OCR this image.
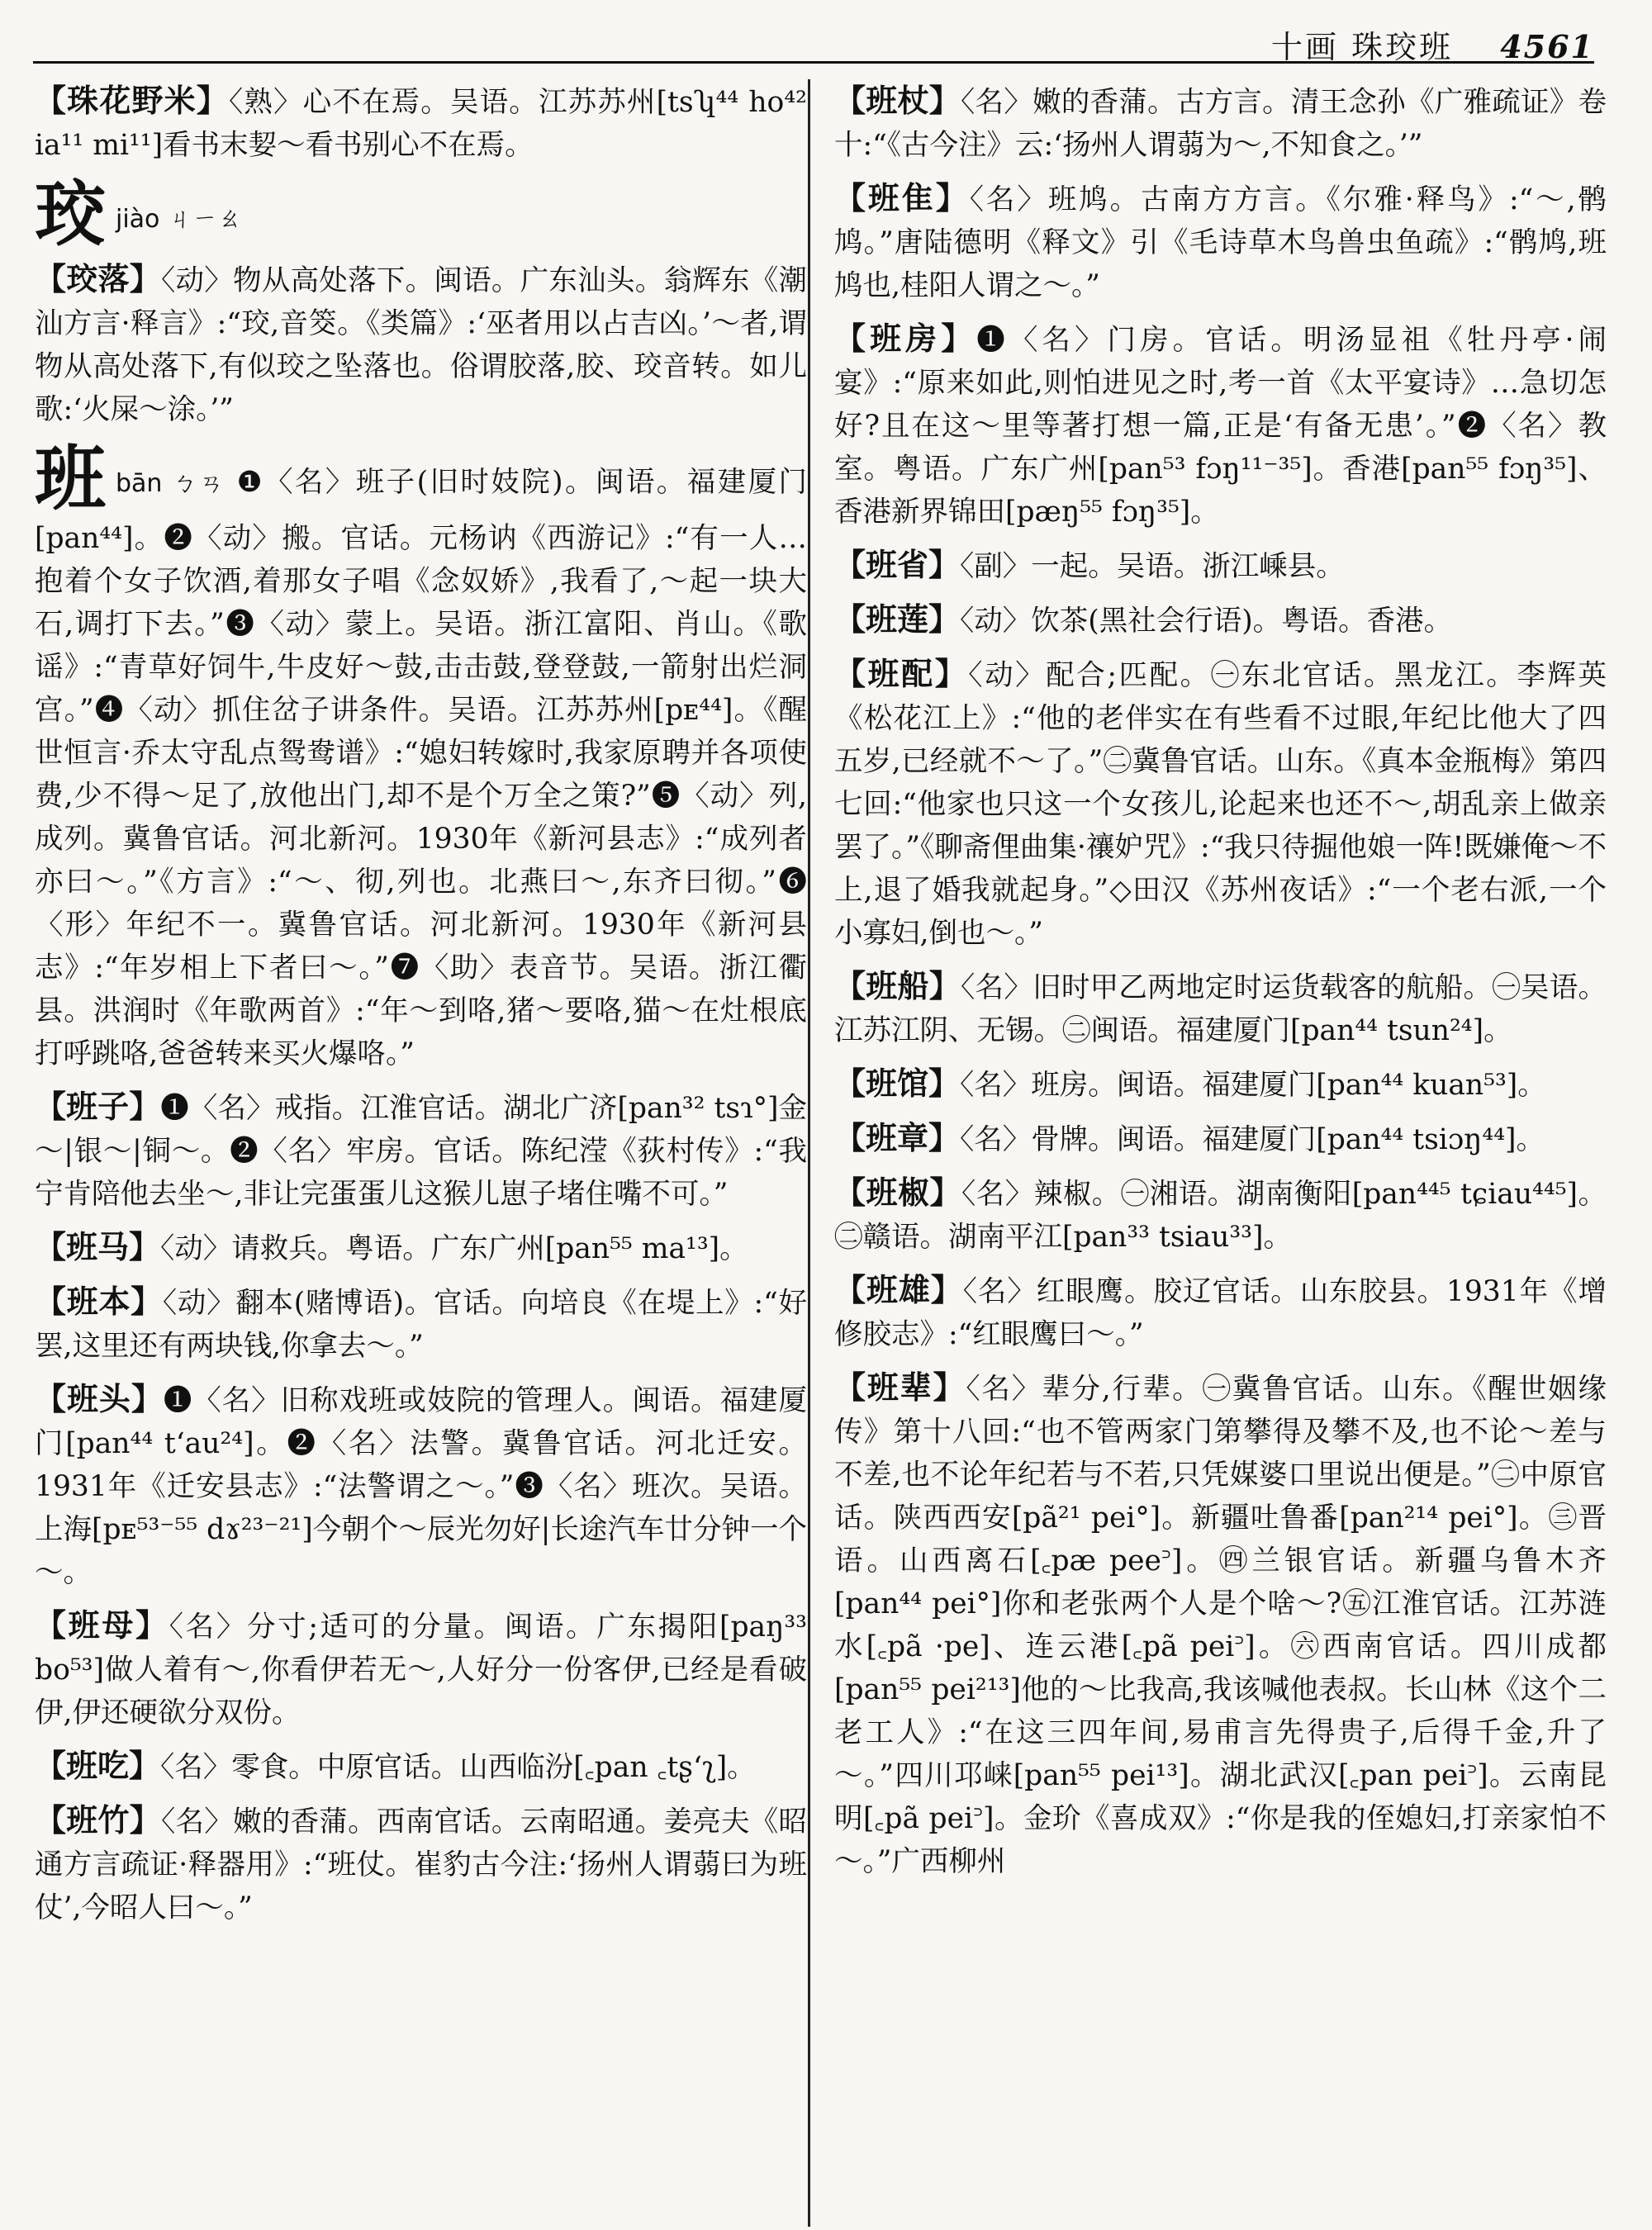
十画 珠珓班 4561

【珠花野米】〈熟〉心不在焉。吴语。江苏苏州[tsʮ⁴⁴ ho⁴² ia¹¹ mi¹¹]看书末㛃～看书别心不在焉。

珓jiào ㄐㄧㄠ

【珓落】〈动〉物从高处落下。闽语。广东汕头。翁辉东《潮汕方言·释言》:“珓,音筊。《类篇》:‘巫者用以占吉凶。’～者,谓物从高处落下,有似珓之坠落也。俗谓胶落,胶、珓音转。如儿歌:‘火屎～涂。’”

班bān ㄅㄢ ❶〈名〉班子(旧时妓院)。闽语。福建厦门[pan⁴⁴]。❷〈动〉搬。官话。元杨讷《西游记》:“有一人…抱着个女子饮酒,着那女子唱《念奴娇》,我看了,～起一块大石,调打下去。”❸〈动〉蒙上。吴语。浙江富阳、肖山。《歌谣》:“青草好饲牛,牛皮好～鼓,击击鼓,登登鼓,一箭射出烂洞宫。”❹〈动〉抓住岔子讲条件。吴语。江苏苏州[pᴇ⁴⁴]。《醒世恒言·乔太守乱点鸳鸯谱》:“媳妇转嫁时,我家原聘并各项使费,少不得～足了,放他出门,却不是个万全之策?”❺〈动〉列,成列。冀鲁官话。河北新河。1930年《新河县志》:“成列者亦曰～。”《方言》:“～、彻,列也。北燕曰～,东齐曰彻。”❻〈形〉年纪不一。冀鲁官话。河北新河。1930年《新河县志》:“年岁相上下者曰～。”❼〈助〉表音节。吴语。浙江衢县。洪润时《年歌两首》:“年～到咯,猪～要咯,猫～在灶根底打呼跳咯,爸爸转来买火爆咯。”

【班子】❶〈名〉戒指。江淮官话。湖北广济[pan³² tsɿ°]金～|银～|铜～。❷〈名〉牢房。官话。陈纪滢《荻村传》:“我宁肯陪他去坐～,非让完蛋蛋儿这猴儿崽子堵住嘴不可。”

【班马】〈动〉请救兵。粤语。广东广州[pan⁵⁵ ma¹³]。

【班本】〈动〉翻本(赌博语)。官话。向培良《在堤上》:“好罢,这里还有两块钱,你拿去～。”

【班头】❶〈名〉旧称戏班或妓院的管理人。闽语。福建厦门[pan⁴⁴ t‘au²⁴]。❷〈名〉法警。冀鲁官话。河北迁安。1931年《迁安县志》:“法警谓之～。”❸〈名〉班次。吴语。上海[pᴇ⁵³⁻⁵⁵ dɤ²³⁻²¹]今朝个～辰光勿好|长途汽车廿分钟一个～。

【班母】〈名〉分寸;适可的分量。闽语。广东揭阳[paŋ³³ bo⁵³]做人着有～,你看伊若无～,人好分一份客伊,已经是看破伊,伊还硬欲分双份。

【班吃】〈名〉零食。中原官话。山西临汾[꜀pan ꜀tʂ‘ʅ]。

【班竹】〈名〉嫩的香蒲。西南官话。云南昭通。姜亮夫《昭通方言疏证·释器用》:“班仗。崔豹古今注:‘扬州人谓蒻曰为班仗’,今昭人曰～。”

【班杖】〈名〉嫩的香蒲。古方言。清王念孙《广雅疏证》卷十:“《古今注》云:‘扬州人谓蒻为～,不知食之。’”

【班隹】〈名〉班鸠。古南方方言。《尔雅·释鸟》:“～,鹘鸠。”唐陆德明《释文》引《毛诗草木鸟兽虫鱼疏》:“鹘鸠,班鸠也,桂阳人谓之～。”

【班房】❶〈名〉门房。官话。明汤显祖《牡丹亭·闹宴》:“原来如此,则怕进见之时,考一首《太平宴诗》…急切怎好?且在这～里等著打想一篇,正是‘有备无患’。”❷〈名〉教室。粤语。广东广州[pan⁵³ fɔŋ¹¹⁻³⁵]。香港[pan⁵⁵ fɔŋ³⁵]、香港新界锦田[pæŋ⁵⁵ fɔŋ³⁵]。

【班省】〈副〉一起。吴语。浙江嵊县。

【班莲】〈动〉饮茶(黑社会行语)。粤语。香港。

【班配】〈动〉配合;匹配。㊀东北官话。黑龙江。李辉英《松花江上》:“他的老伴实在有些看不过眼,年纪比他大了四五岁,已经就不～了。”㊁冀鲁官话。山东。《真本金瓶梅》第四七回:“他家也只这一个女孩儿,论起来也还不～,胡乱亲上做亲罢了。”《聊斋俚曲集·禳妒咒》:“我只待掘他娘一阵!既嫌俺～不上,退了婚我就起身。”◇田汉《苏州夜话》:“一个老右派,一个小寡妇,倒也～。”

【班船】〈名〉旧时甲乙两地定时运货载客的航船。㊀吴语。江苏江阴、无锡。㊁闽语。福建厦门[pan⁴⁴ tsun²⁴]。

【班馆】〈名〉班房。闽语。福建厦门[pan⁴⁴ kuan⁵³]。

【班章】〈名〉骨牌。闽语。福建厦门[pan⁴⁴ tsiɔŋ⁴⁴]。

【班椒】〈名〉辣椒。㊀湘语。湖南衡阳[pan⁴⁴⁵ tɕiau⁴⁴⁵]。㊁赣语。湖南平江[pan³³ tsiau³³]。

【班雄】〈名〉红眼鹰。胶辽官话。山东胶县。1931年《增修胶志》:“红眼鹰曰～。”

【班辈】〈名〉辈分,行辈。㊀冀鲁官话。山东。《醒世姻缘传》第十八回:“也不管两家门第攀得及攀不及,也不论～差与不差,也不论年纪若与不若,只凭媒婆口里说出便是。”㊁中原官话。陕西西安[pã²¹ pei°]。新疆吐鲁番[pan²¹⁴ pei°]。㊂晋语。山西离石[꜀pæ pee꜄]。㊃兰银官话。新疆乌鲁木齐[pan⁴⁴ pei°]你和老张两个人是个啥～?㊄江淮官话。江苏涟水[꜀pã ·pe]、连云港[꜀pã pei꜄]。㊅西南官话。四川成都[pan⁵⁵ pei²¹³]他的～比我高,我该喊他表叔。长山林《这个二老工人》:“在这三四年间,易甫言先得贵子,后得千金,升了～。”四川邛崃[pan⁵⁵ pei¹³]。湖北武汉[꜀pan pei꜄]。云南昆明[꜀pã pei꜄]。金玠《喜成双》:“你是我的侄媳妇,打亲家怕不～。”广西柳州
